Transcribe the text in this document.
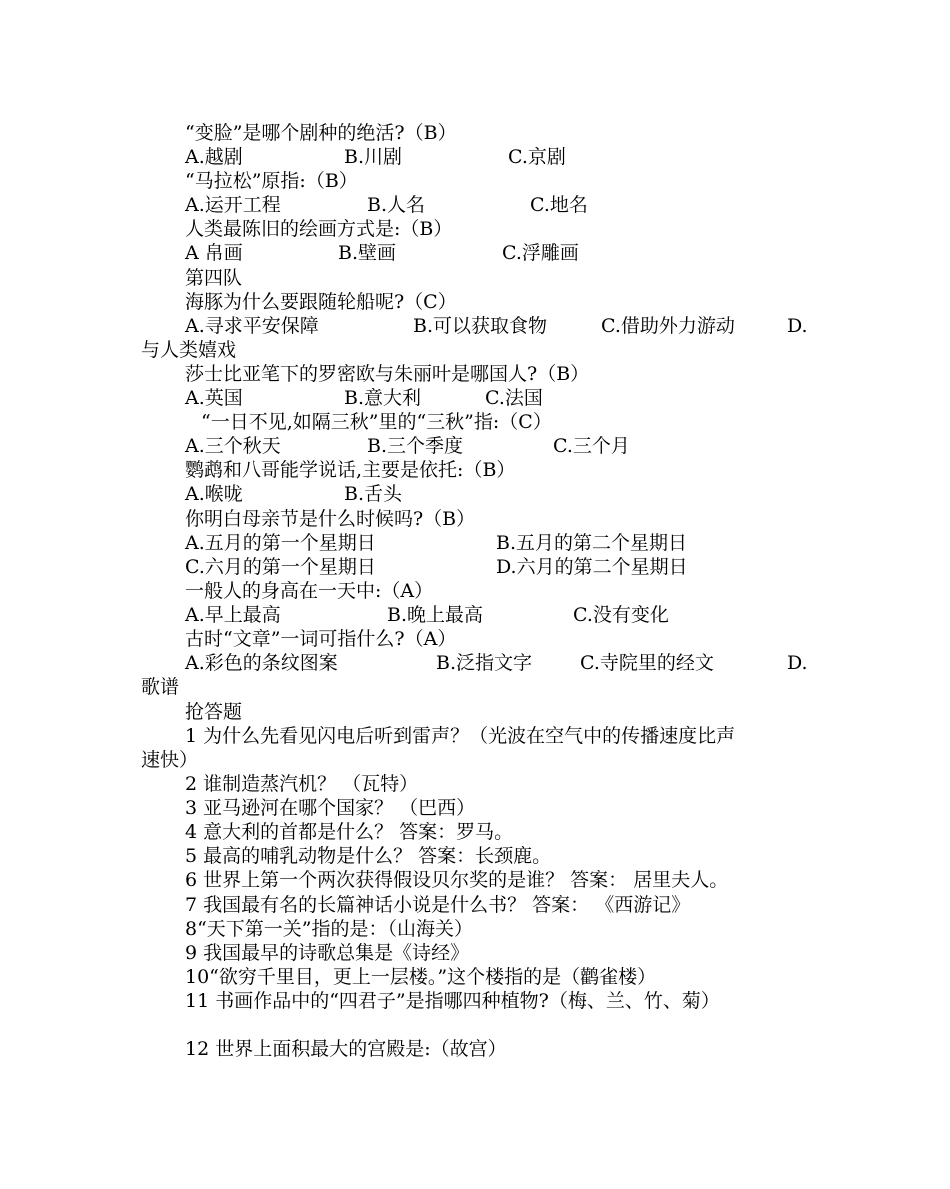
“变脸”是哪个剧种的绝活?（B）
A.越剧	B.川剧	C.京剧
“马拉松”原指:（B）
A.运开工程	B.人名	C.地名
人类最陈旧的绘画方式是:（B）
A 帛画	B.壁画	C.浮雕画
第四队
海豚为什么要跟随轮船呢?（C）
A.寻求平安保障	B.可以获取食物	C.借助外力游动	D.
与人类嬉戏
莎士比亚笔下的罗密欧与朱丽叶是哪国人?（B）
A.英国	B.意大利	C.法国
“一日不见,如隔三秋”里的“三秋”指:（C）
A.三个秋天	B.三个季度	C.三个月
鹦鹉和八哥能学说话,主要是依托:（B）
A.喉咙	B.舌头
你明白母亲节是什么时候吗?（B）
A.五月的第一个星期日	B.五月的第二个星期日
C.六月的第一个星期日	D.六月的第二个星期日
一般人的身高在一天中:（A）
A.早上最高	B.晚上最高	C.没有变化
古时“文章”一词可指什么?（A）
A.彩色的条纹图案	B.泛指文字	C.寺院里的经文	D.
歌谱
抢答题
1 为什么先看见闪电后听到雷声？（光波在空气中的传播速度比声
速快）
2 谁制造蒸汽机？ （瓦特）
3 亚马逊河在哪个国家？ （巴西）
4 意大利的首都是什么？ 答案：罗马。
5 最高的哺乳动物是什么？ 答案：长颈鹿。
6 世界上第一个两次获得假设贝尔奖的是谁？ 答案： 居里夫人。
7 我国最有名的长篇神话小说是什么书？ 答案： 《西游记》
8“天下第一关”指的是：（山海关）
9 我国最早的诗歌总集是《诗经》
10“欲穷千里目，更上一层楼。”这个楼指的是（鹳雀楼）
11 书画作品中的“四君子”是指哪四种植物?（梅、兰、竹、菊）
12 世界上面积最大的宫殿是:（故宫）
